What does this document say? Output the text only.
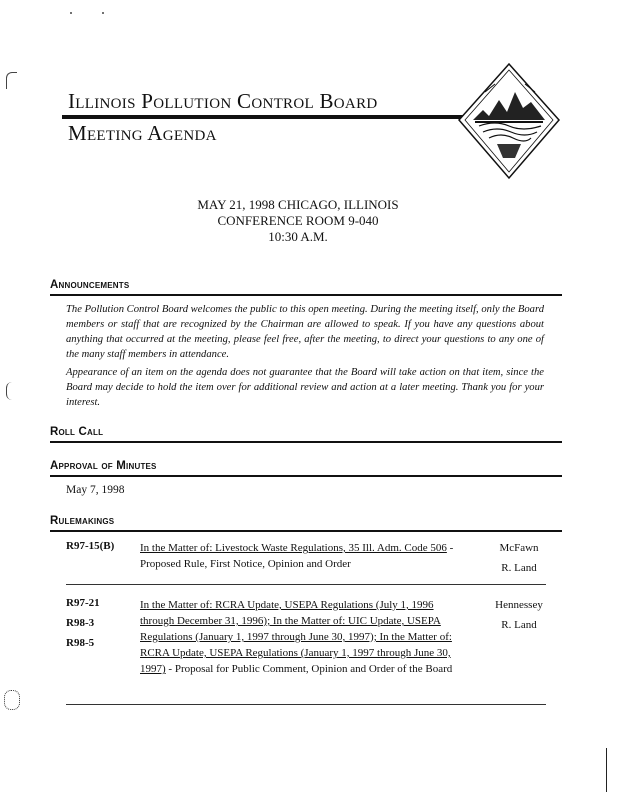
Illinois Pollution Control Board
Meeting Agenda
MAY 21, 1998 CHICAGO, ILLINOIS
CONFERENCE ROOM 9-040
10:30 A.M.
Announcements
The Pollution Control Board welcomes the public to this open meeting. During the meeting itself, only the Board members or staff that are recognized by the Chairman are allowed to speak. If you have any questions about anything that occurred at the meeting, please feel free, after the meeting, to direct your questions to any one of the many staff members in attendance.
Appearance of an item on the agenda does not guarantee that the Board will take action on that item, since the Board may decide to hold the item over for additional review and action at a later meeting. Thank you for your interest.
Roll Call
Approval of Minutes
May 7, 1998
Rulemakings
R97-15(B) In the Matter of: Livestock Waste Regulations, 35 Ill. Adm. Code 506 - Proposed Rule, First Notice, Opinion and Order
McFawn
R. Land
R97-21
R98-3
R98-5
In the Matter of: RCRA Update, USEPA Regulations (July 1, 1996 through December 31, 1996); In the Matter of: UIC Update, USEPA Regulations (January 1, 1997 through June 30, 1997); In the Matter of: RCRA Update, USEPA Regulations (January 1, 1997 through June 30, 1997) - Proposal for Public Comment, Opinion and Order of the Board
Hennessey
R. Land
